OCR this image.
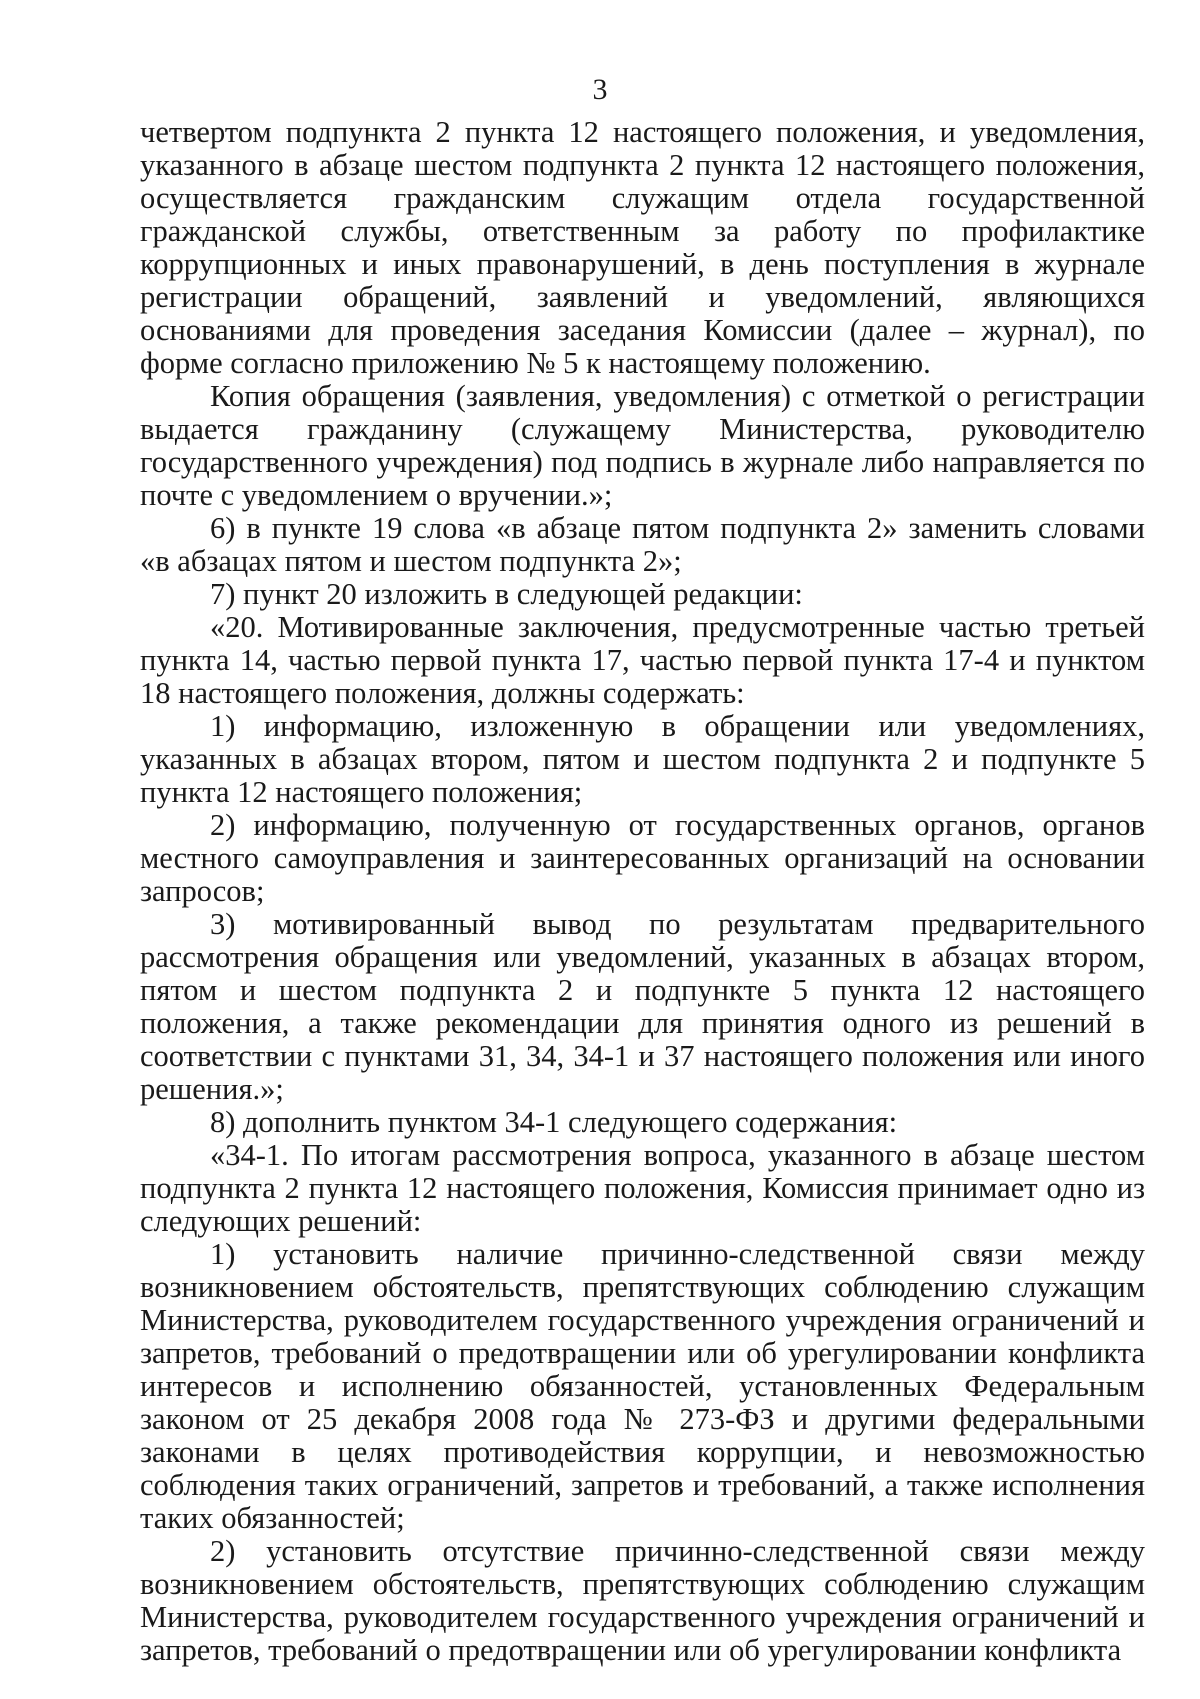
3

четвертом подпункта 2 пункта 12 настоящего положения, и уведомления, указанного в абзаце шестом подпункта 2 пункта 12 настоящего положения, осуществляется гражданским служащим отдела государственной гражданской службы, ответственным за работу по профилактике коррупционных и иных правонарушений, в день поступления в журнале регистрации обращений, заявлений и уведомлений, являющихся основаниями для проведения заседания Комиссии (далее – журнал), по форме согласно приложению № 5 к настоящему положению.

Копия обращения (заявления, уведомления) с отметкой о регистрации выдается гражданину (служащему Министерства, руководителю государственного учреждения) под подпись в журнале либо направляется по почте с уведомлением о вручении.»;

6) в пункте 19 слова «в абзаце пятом подпункта 2» заменить словами «в абзацах пятом и шестом подпункта 2»;

7) пункт 20 изложить в следующей редакции:

«20. Мотивированные заключения, предусмотренные частью третьей пункта 14, частью первой пункта 17, частью первой пункта 17-4 и пунктом 18 настоящего положения, должны содержать:

1) информацию, изложенную в обращении или уведомлениях, указанных в абзацах втором, пятом и шестом подпункта 2 и подпункте 5 пункта 12 настоящего положения;

2) информацию, полученную от государственных органов, органов местного самоуправления и заинтересованных организаций на основании запросов;

3) мотивированный вывод по результатам предварительного рассмотрения обращения или уведомлений, указанных в абзацах втором, пятом и шестом подпункта 2 и подпункте 5 пункта 12 настоящего положения, а также рекомендации для принятия одного из решений в соответствии с пунктами 31, 34, 34-1 и 37 настоящего положения или иного решения.»;

8) дополнить пунктом 34-1 следующего содержания:

«34-1. По итогам рассмотрения вопроса, указанного в абзаце шестом подпункта 2 пункта 12 настоящего положения, Комиссия принимает одно из следующих решений:

1) установить наличие причинно-следственной связи между возникновением обстоятельств, препятствующих соблюдению служащим Министерства, руководителем государственного учреждения ограничений и запретов, требований о предотвращении или об урегулировании конфликта интересов и исполнению обязанностей, установленных Федеральным законом от 25 декабря 2008 года № 273-ФЗ и другими федеральными законами в целях противодействия коррупции, и невозможностью соблюдения таких ограничений, запретов и требований, а также исполнения таких обязанностей;

2) установить отсутствие причинно-следственной связи между возникновением обстоятельств, препятствующих соблюдению служащим Министерства, руководителем государственного учреждения ограничений и запретов, требований о предотвращении или об урегулировании конфликта
